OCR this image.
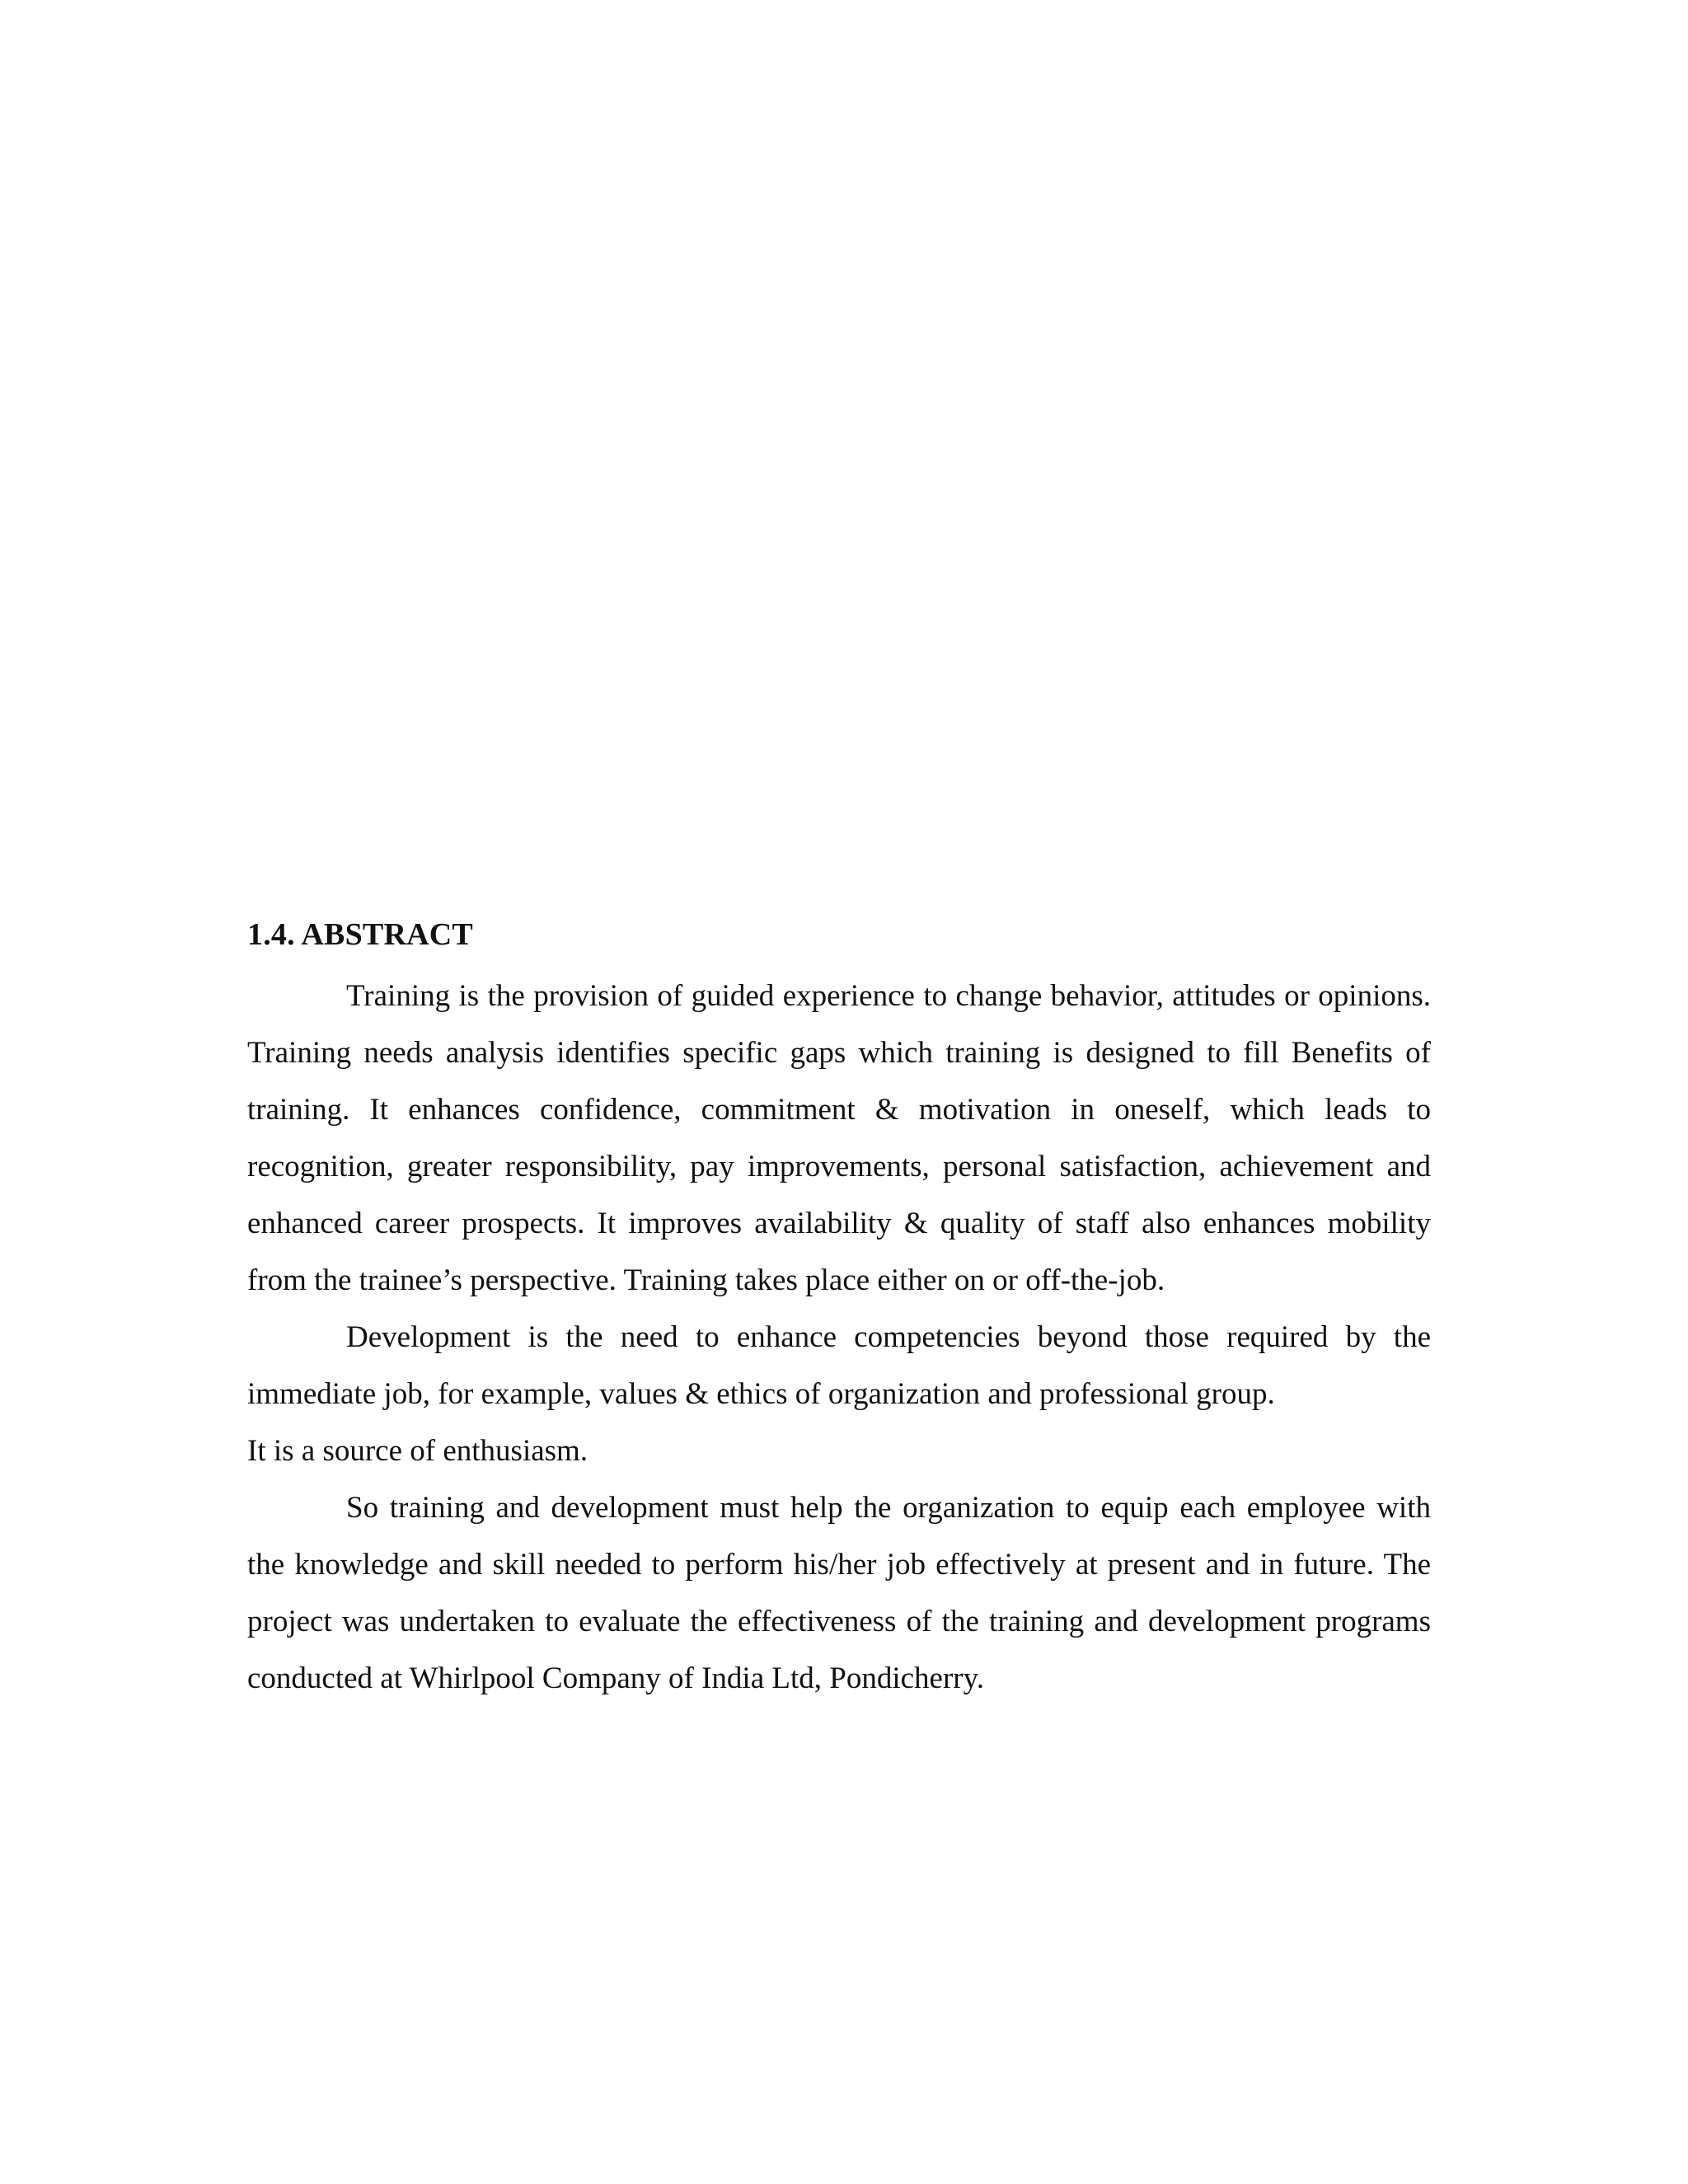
1.4. ABSTRACT

Training is the provision of guided experience to change behavior, attitudes or opinions. Training needs analysis identifies specific gaps which training is designed to fill Benefits of training. It enhances confidence, commitment & motivation in oneself, which leads to recognition, greater responsibility, pay improvements, personal satisfaction, achievement and enhanced career prospects. It improves availability & quality of staff also enhances mobility from the trainee’s perspective. Training takes place either on or off-the-job.

Development is the need to enhance competencies beyond those required by the immediate job, for example, values & ethics of organization and professional group.

It is a source of enthusiasm.

So training and development must help the organization to equip each employee with the knowledge and skill needed to perform his/her job effectively at present and in future. The project was undertaken to evaluate the effectiveness of the training and development programs conducted at Whirlpool Company of India Ltd, Pondicherry.
